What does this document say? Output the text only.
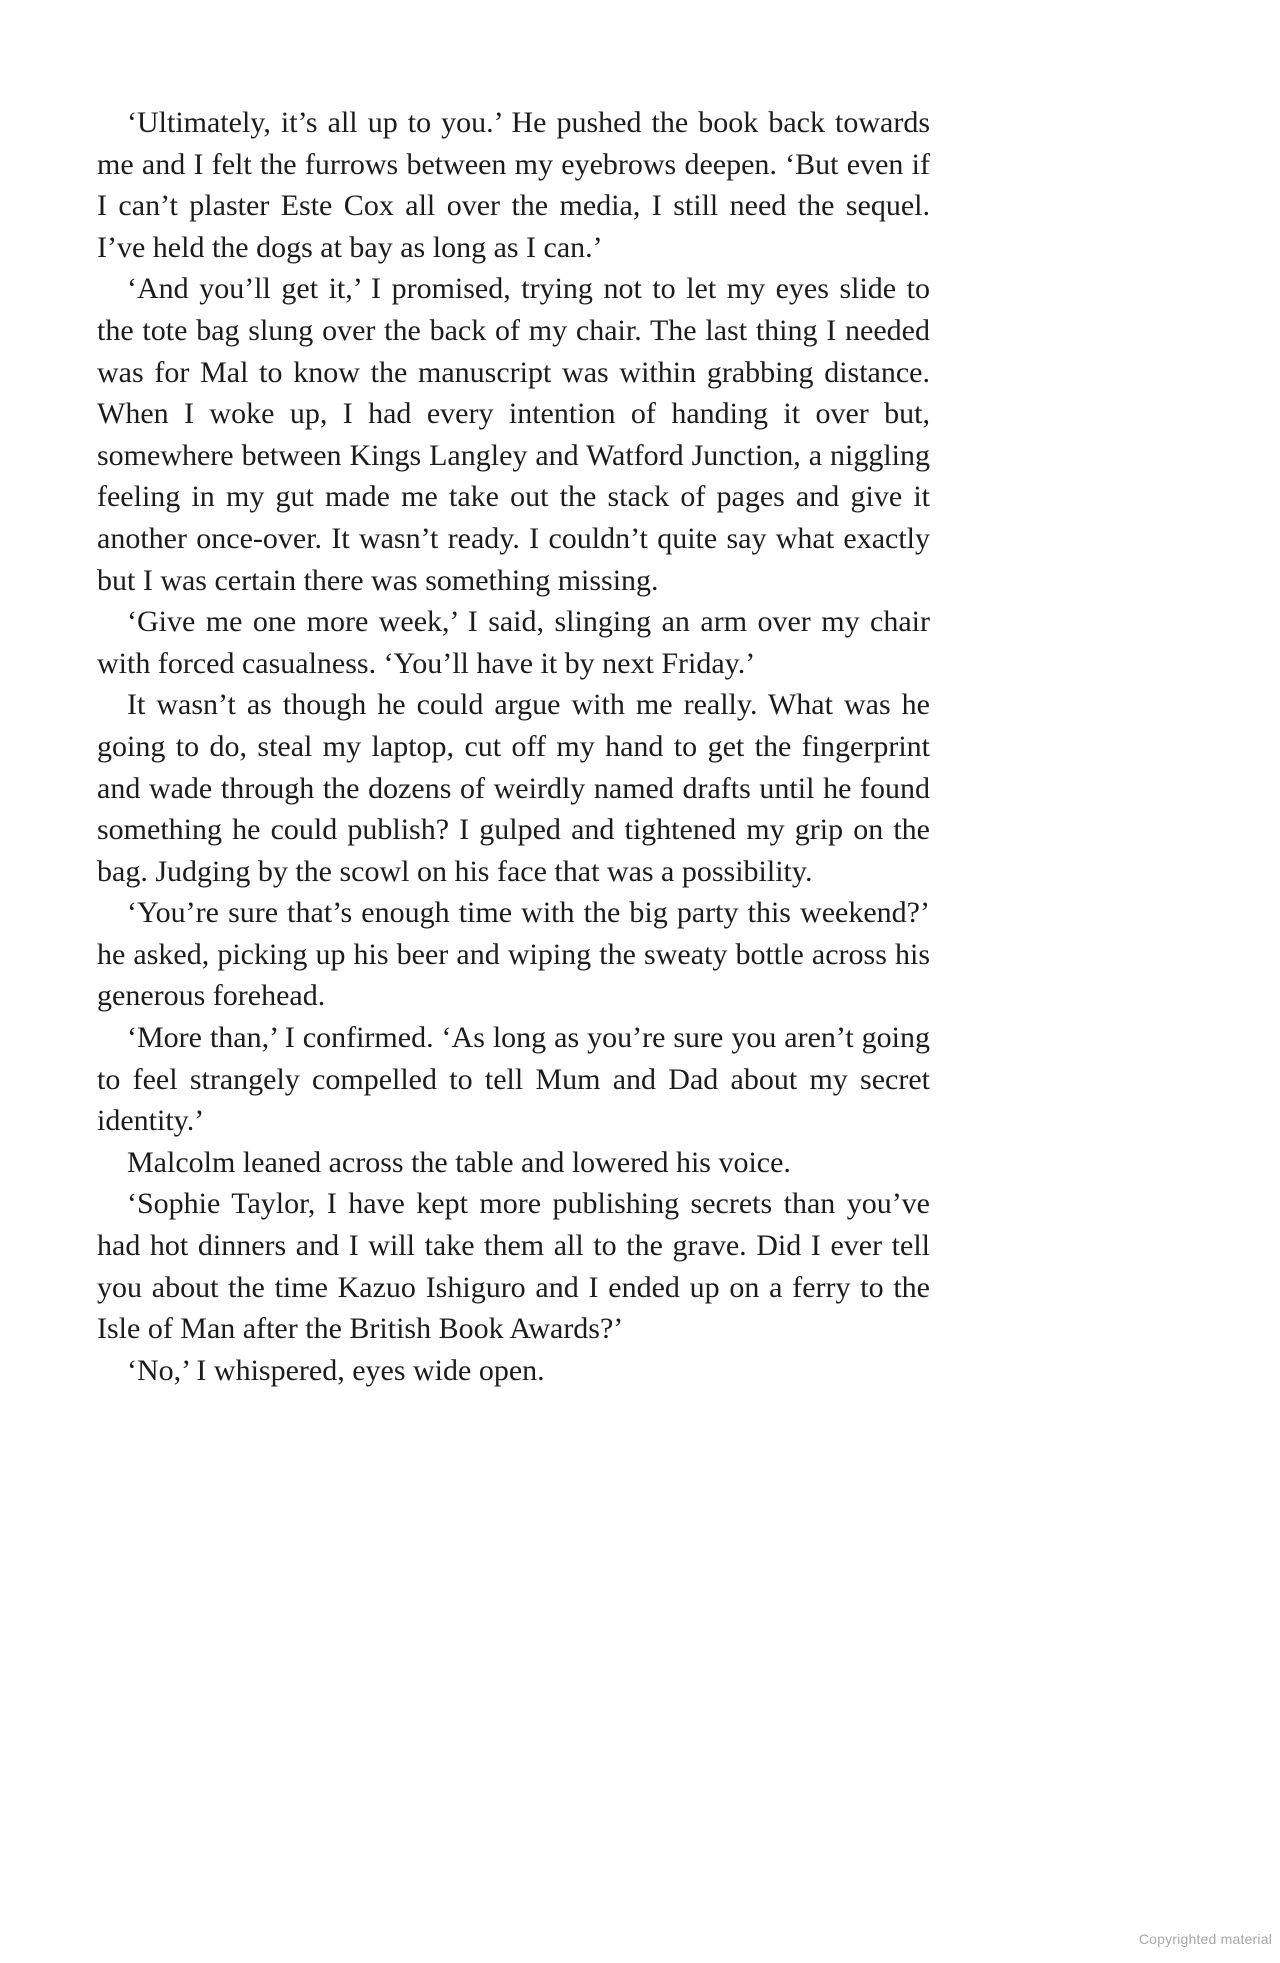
‘Ultimately, it’s all up to you.’ He pushed the book back towards me and I felt the furrows between my eyebrows deepen. ‘But even if I can’t plaster Este Cox all over the media, I still need the sequel. I’ve held the dogs at bay as long as I can.’

‘And you’ll get it,’ I promised, trying not to let my eyes slide to the tote bag slung over the back of my chair. The last thing I needed was for Mal to know the manuscript was within grabbing distance. When I woke up, I had every intention of handing it over but, somewhere between Kings Langley and Watford Junction, a niggling feeling in my gut made me take out the stack of pages and give it another once-over. It wasn’t ready. I couldn’t quite say what exactly but I was certain there was something missing.

‘Give me one more week,’ I said, slinging an arm over my chair with forced casualness. ‘You’ll have it by next Friday.’

It wasn’t as though he could argue with me really. What was he going to do, steal my laptop, cut off my hand to get the fingerprint and wade through the dozens of weirdly named drafts until he found something he could publish? I gulped and tightened my grip on the bag. Judging by the scowl on his face that was a possibility.

‘You’re sure that’s enough time with the big party this weekend?’ he asked, picking up his beer and wiping the sweaty bottle across his generous forehead.

‘More than,’ I confirmed. ‘As long as you’re sure you aren’t going to feel strangely compelled to tell Mum and Dad about my secret identity.’

Malcolm leaned across the table and lowered his voice.

‘Sophie Taylor, I have kept more publishing secrets than you’ve had hot dinners and I will take them all to the grave. Did I ever tell you about the time Kazuo Ishiguro and I ended up on a ferry to the Isle of Man after the British Book Awards?’

‘No,’ I whispered, eyes wide open.

Copyrighted material
